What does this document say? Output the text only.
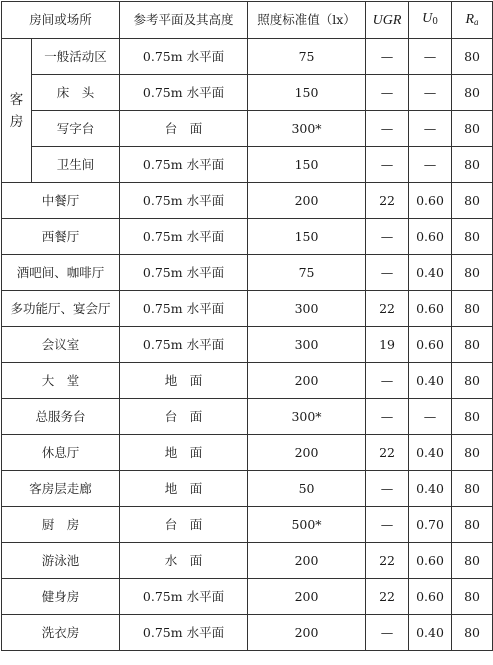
房间或场所		参考平面及其高度	照度标准值（lx）	UGR	$U_0$	$R_a$

客房	一般活动区	0.75m 水平面	75	—	—	80
	床　头	0.75m 水平面	150	—	—	80
	写字台	台　面	300*	—	—	80
	卫生间	0.75m 水平面	150	—	—	80
中餐厅		0.75m 水平面	200	22	0.60	80
西餐厅		0.75m 水平面	150	—	0.60	80
酒吧间、咖啡厅		0.75m 水平面	75	—	0.40	80
多功能厅、宴会厅		0.75m 水平面	300	22	0.60	80
会议室		0.75m 水平面	300	19	0.60	80
大　堂		地　面	200	—	0.40	80
总服务台		台　面	300*	—	—	80
休息厅		地　面	200	22	0.40	80
客房层走廊		地　面	50	—	0.40	80
厨　房		台　面	500*	—	0.70	80
游泳池		水　面	200	22	0.60	80
健身房		0.75m 水平面	200	22	0.60	80
洗衣房		0.75m 水平面	200	—	0.40	80
